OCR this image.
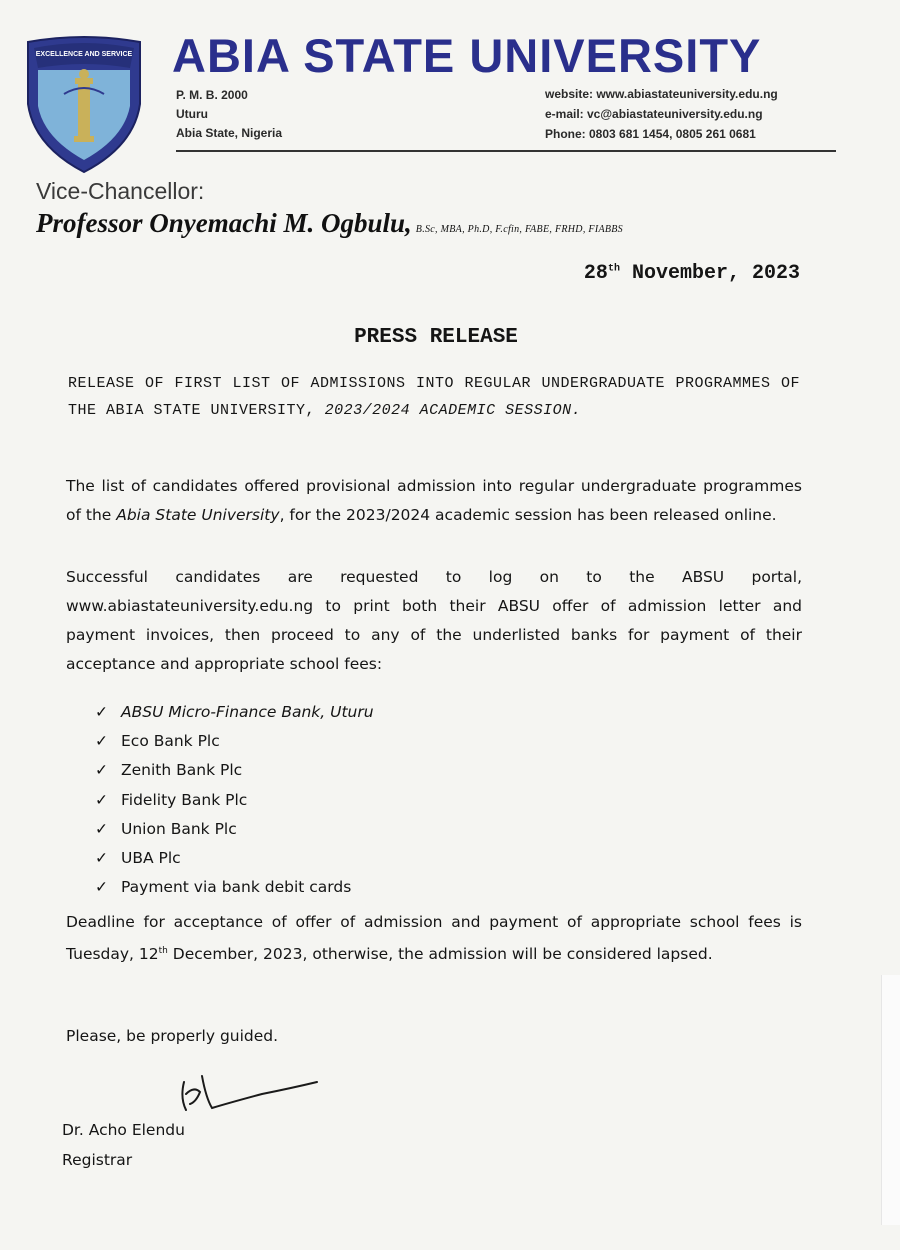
EXCELLENCE AND SERVICE ABIA STATE UNIVERSITY
P. M. B. 2000
Uturu
Abia State, Nigeria
website: www.abiastateuniversity.edu.ng
e-mail: vc@abiastateuniversity.edu.ng
Phone: 0803 681 1454, 0805 261 0681
Vice-Chancellor:
Professor Onyemachi M. Ogbulu, B.Sc, MBA, Ph.D, F.cfin, FABE, FRHD, FIABBS
28th November, 2023
PRESS RELEASE
RELEASE OF FIRST LIST OF ADMISSIONS INTO REGULAR UNDERGRADUATE PROGRAMMES OF THE ABIA STATE UNIVERSITY, 2023/2024 ACADEMIC SESSION.
The list of candidates offered provisional admission into regular undergraduate programmes of the Abia State University, for the 2023/2024 academic session has been released online.
Successful candidates are requested to log on to the ABSU portal, www.abiastateuniversity.edu.ng to print both their ABSU offer of admission letter and payment invoices, then proceed to any of the underlisted banks for payment of their acceptance and appropriate school fees:
✓ ABSU Micro-Finance Bank, Uturu
✓ Eco Bank Plc
✓ Zenith Bank Plc
✓ Fidelity Bank Plc
✓ Union Bank Plc
✓ UBA Plc
✓ Payment via bank debit cards
Deadline for acceptance of offer of admission and payment of appropriate school fees is Tuesday, 12th December, 2023, otherwise, the admission will be considered lapsed.
Please, be properly guided.
Dr. Acho Elendu
Registrar
